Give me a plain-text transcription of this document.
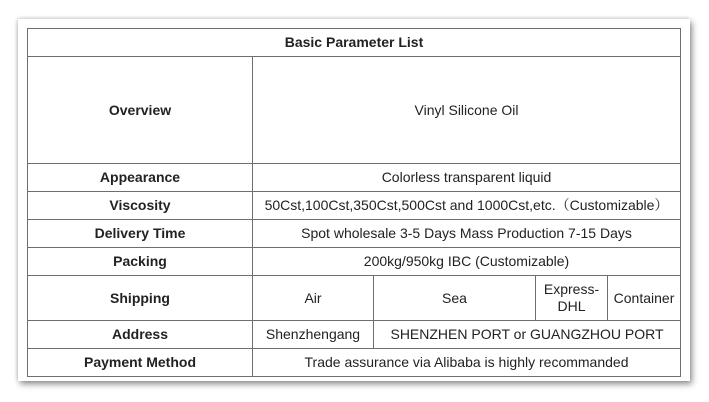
Basic Parameter List				
Overview	Vinyl Silicone Oil			
Appearance	Colorless transparent liquid			
Viscosity	50Cst,100Cst,350Cst,500Cst and 1000Cst,etc.（Customizable）			
Delivery Time	Spot wholesale 3-5 Days Mass Production 7-15 Days			
Packing	200kg/950kg IBC (Customizable)			
Shipping	Air	Sea	Express-DHL	Container
Address	Shenzhengang	SHENZHEN PORT or GUANGZHOU PORT		
Payment Method	Trade assurance via Alibaba is highly recommanded			
